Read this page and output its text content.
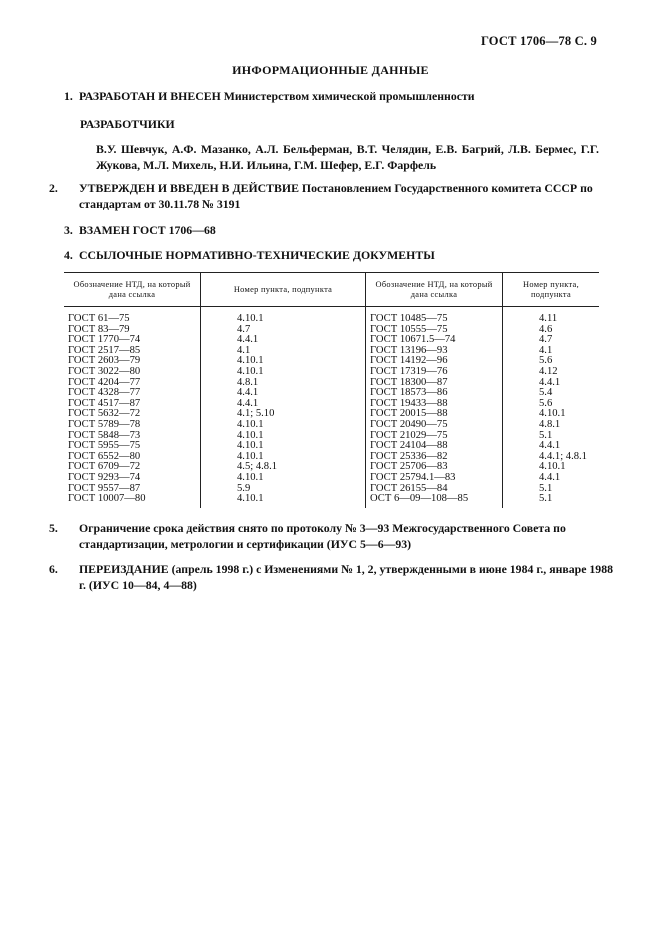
ГОСТ 1706—78 С. 9
ИНФОРМАЦИОННЫЕ ДАННЫЕ
1. РАЗРАБОТАН И ВНЕСЕН Министерством химической промышленности
РАЗРАБОТЧИКИ
В.У. Шевчук, А.Ф. Мазанко, А.Л. Бельферман, В.Т. Челядин, Е.В. Багрий, Л.В. Бермес, Г.Г. Жукова, М.Л. Михель, Н.И. Ильина, Г.М. Шефер, Е.Г. Фарфель
2. УТВЕРЖДЕН И ВВЕДЕН В ДЕЙСТВИЕ Постановлением Государственного комитета СССР по стандартам от 30.11.78 № 3191
3. ВЗАМЕН ГОСТ 1706—68
4. ССЫЛОЧНЫЕ НОРМАТИВНО-ТЕХНИЧЕСКИЕ ДОКУМЕНТЫ
Обозначение НТД, на который дана ссылка	Номер пункта, подпункта	Обозначение НТД, на который дана ссылка	Номер пункта, подпункта
ГОСТ 61—75	4.10.1	ГОСТ 10485—75	4.11
ГОСТ 83—79	4.7	ГОСТ 10555—75	4.6
ГОСТ 1770—74	4.4.1	ГОСТ 10671.5—74	4.7
ГОСТ 2517—85	4.1	ГОСТ 13196—93	4.1
ГОСТ 2603—79	4.10.1	ГОСТ 14192—96	5.6
ГОСТ 3022—80	4.10.1	ГОСТ 17319—76	4.12
ГОСТ 4204—77	4.8.1	ГОСТ 18300—87	4.4.1
ГОСТ 4328—77	4.4.1	ГОСТ 18573—86	5.4
ГОСТ 4517—87	4.4.1	ГОСТ 19433—88	5.6
ГОСТ 5632—72	4.1; 5.10	ГОСТ 20015—88	4.10.1
ГОСТ 5789—78	4.10.1	ГОСТ 20490—75	4.8.1
ГОСТ 5848—73	4.10.1	ГОСТ 21029—75	5.1
ГОСТ 5955—75	4.10.1	ГОСТ 24104—88	4.4.1
ГОСТ 6552—80	4.10.1	ГОСТ 25336—82	4.4.1; 4.8.1
ГОСТ 6709—72	4.5; 4.8.1	ГОСТ 25706—83	4.10.1
ГОСТ 9293—74	4.10.1	ГОСТ 25794.1—83	4.4.1
ГОСТ 9557—87	5.9	ГОСТ 26155—84	5.1
ГОСТ 10007—80	4.10.1	ОСТ 6—09—108—85	5.1
5. Ограничение срока действия снято по протоколу № 3—93 Межгосударственного Совета по стандартизации, метрологии и сертификации (ИУС 5—6—93)
6. ПЕРЕИЗДАНИЕ (апрель 1998 г.) с Изменениями № 1, 2, утвержденными в июне 1984 г., январе 1988 г. (ИУС 10—84, 4—88)
